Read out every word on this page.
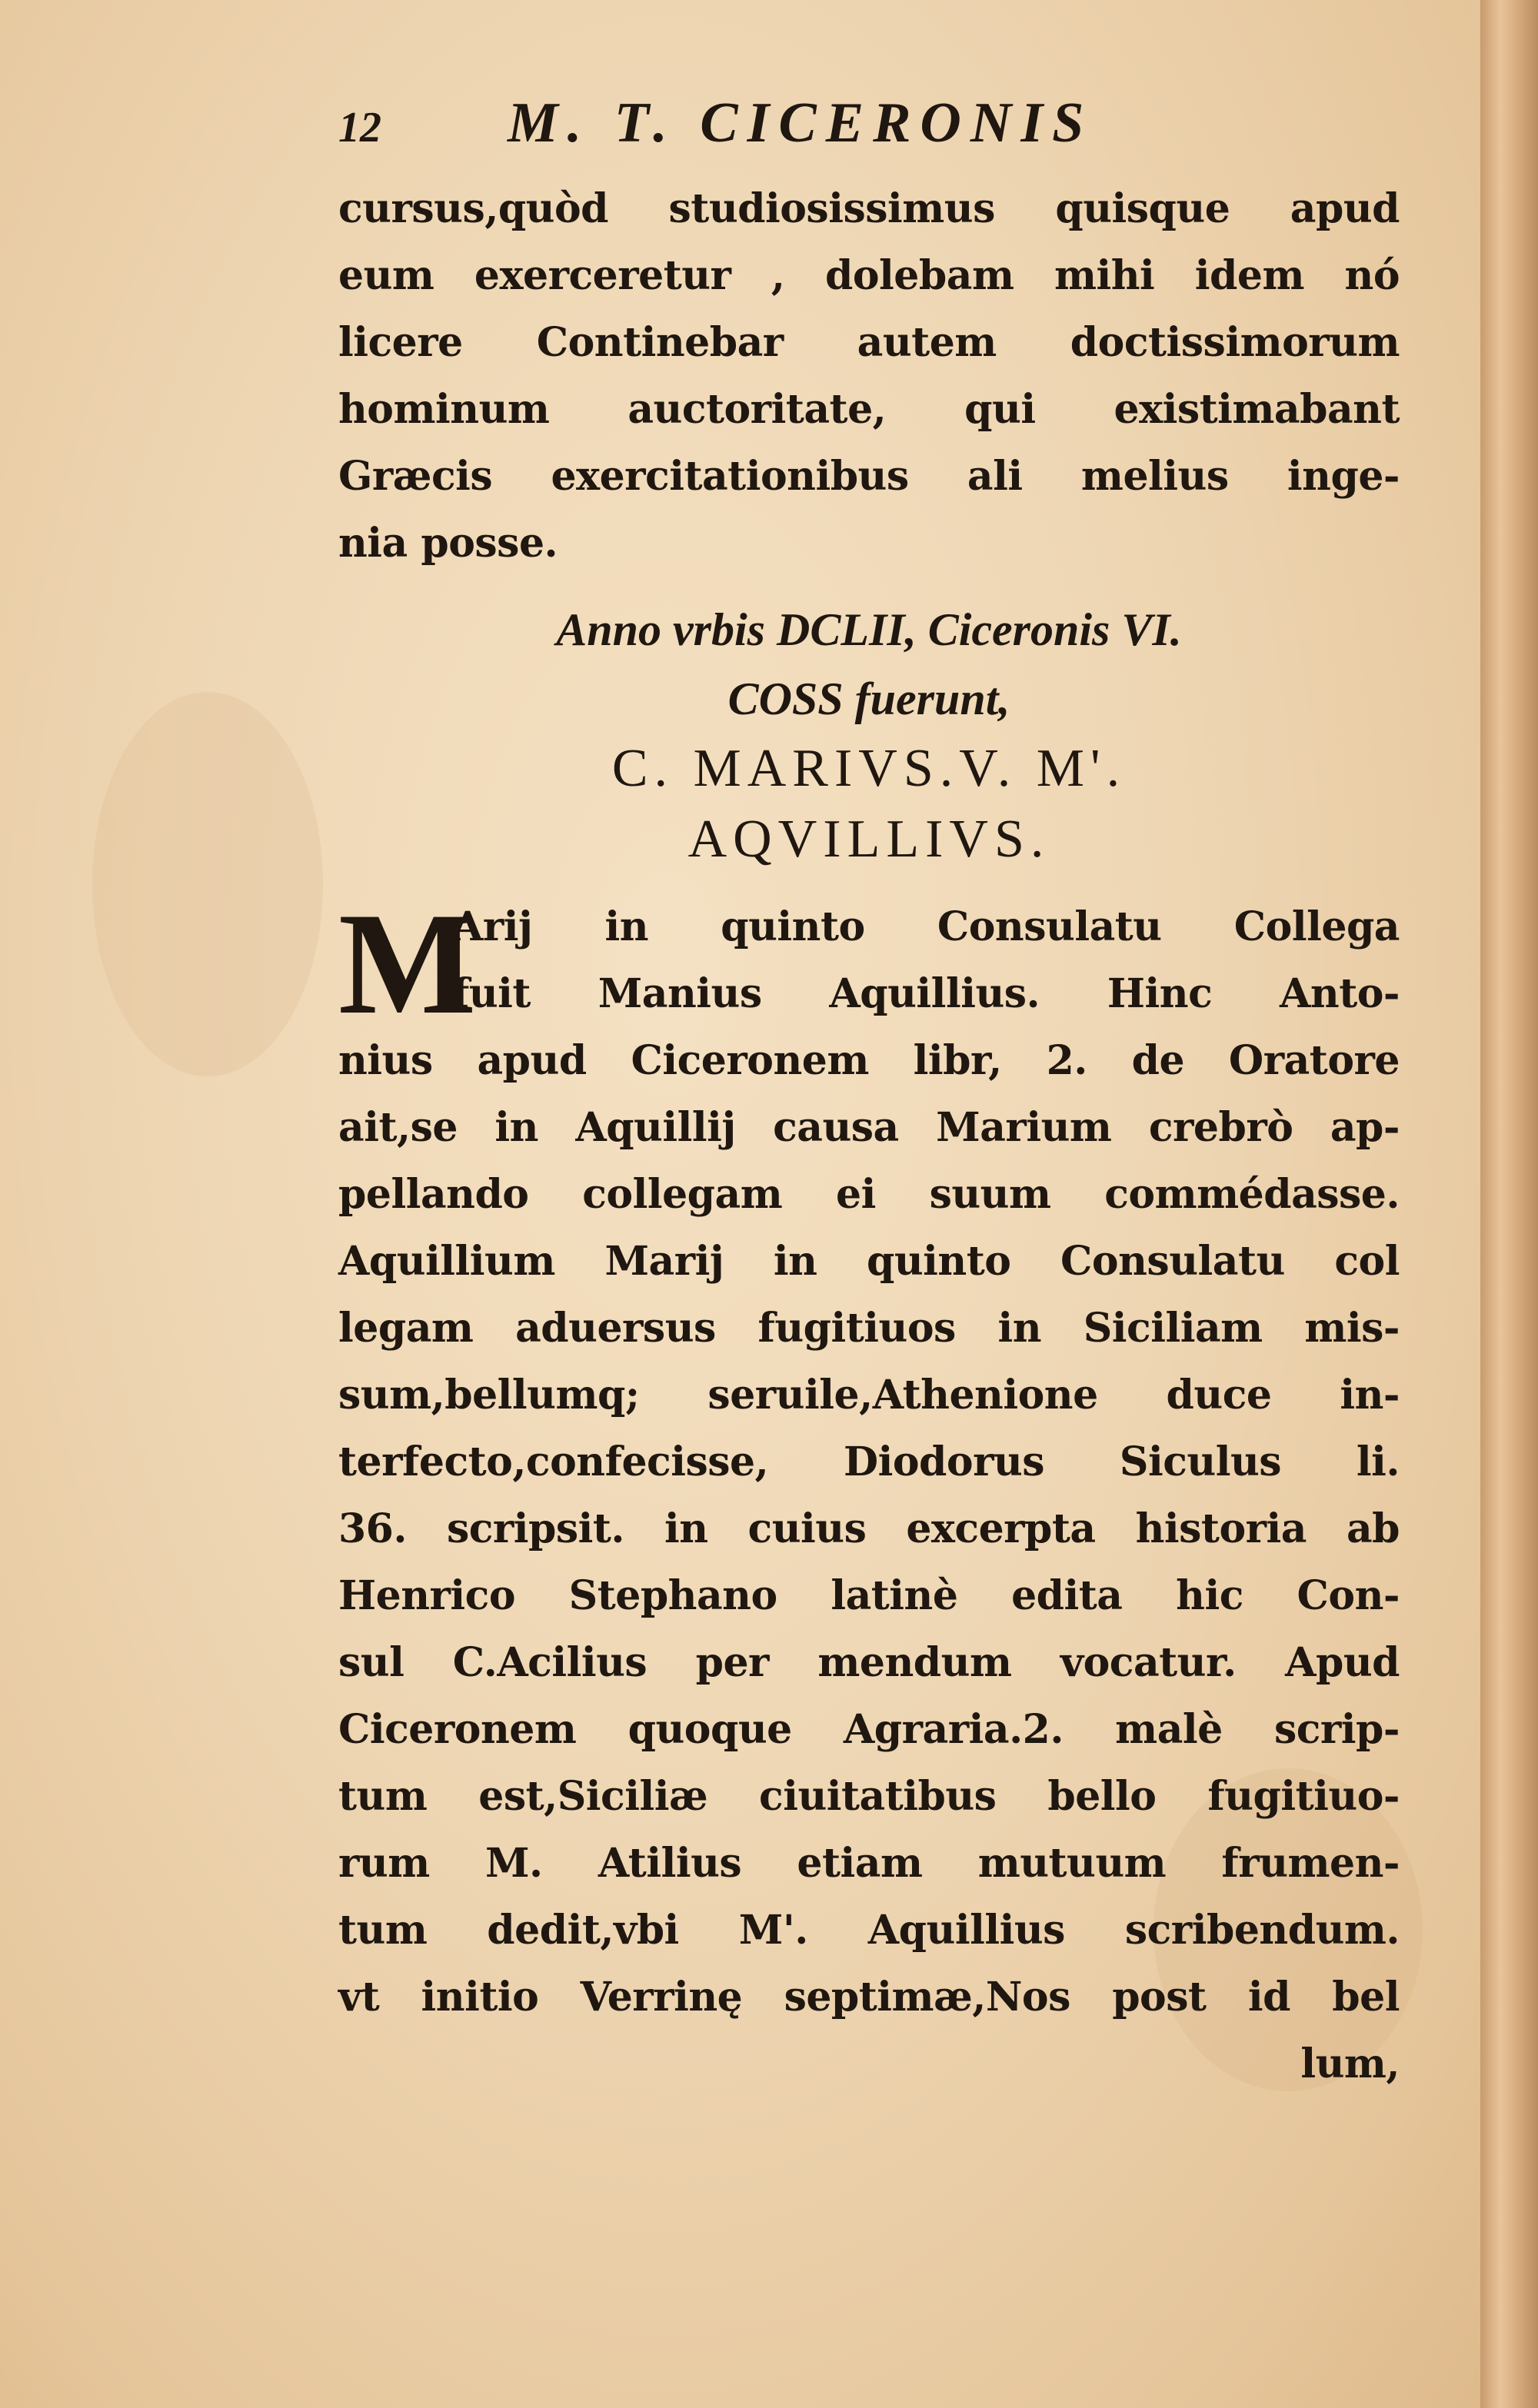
12	M. T. CICERONIS
cursus,quòd studiosissimus quisque apud
eum exerceretur , dolebam mihi idem nó
licere Continebar autem doctissimorum
hominum auctoritate, qui existimabant
Græcis exercitationibus ali melius inge-
nia posse.
Anno vrbis DCLII, Ciceronis VI.
COSS fuerunt,
C. MARIVS.V. M'.
AQVILLIVS.
M
Arij in quinto Consulatu Collega
fuit Manius Aquillius. Hinc Anto-
nius apud Ciceronem libr, 2. de Oratore
ait,se in Aquillij causa Marium crebrò ap-
pellando collegam ei suum commédasse.
Aquillium Marij in quinto Consulatu col
legam aduersus fugitiuos in Siciliam mis-
sum,bellumq; seruile,Athenione duce in-
terfecto,confecisse, Diodorus Siculus li.
36. scripsit. in cuius excerpta historia ab
Henrico Stephano latinè edita hic Con-
sul C.Acilius per mendum vocatur. Apud
Ciceronem quoque Agraria.2. malè scrip-
tum est,Siciliæ ciuitatibus bello fugitiuo-
rum M. Atilius etiam mutuum frumen-
tum dedit,vbi M'. Aquillius scribendum.
vt initio Verrinę septimæ,Nos post id bel
lum,
